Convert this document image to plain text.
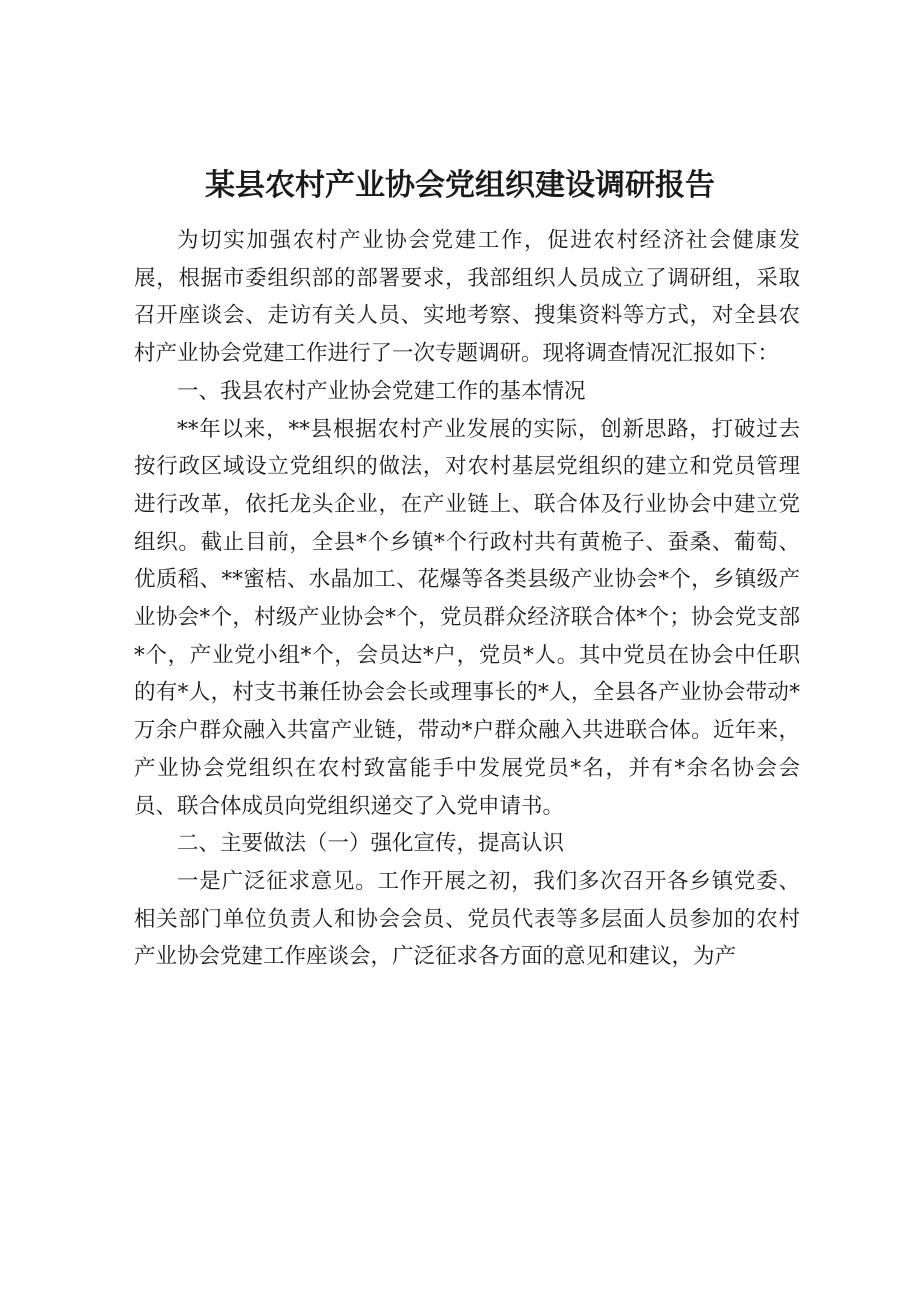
某县农村产业协会党组织建设调研报告

为切实加强农村产业协会党建工作，促进农村经济社会健康发展，根据市委组织部的部署要求，我部组织人员成立了调研组，采取召开座谈会、走访有关人员、实地考察、搜集资料等方式，对全县农村产业协会党建工作进行了一次专题调研。现将调查情况汇报如下：

一、我县农村产业协会党建工作的基本情况

**年以来，**县根据农村产业发展的实际，创新思路，打破过去按行政区域设立党组织的做法，对农村基层党组织的建立和党员管理进行改革，依托龙头企业，在产业链上、联合体及行业协会中建立党组织。截止目前，全县*个乡镇*个行政村共有黄桅子、蚕桑、葡萄、优质稻、**蜜桔、水晶加工、花爆等各类县级产业协会*个，乡镇级产业协会*个，村级产业协会*个，党员群众经济联合体*个；协会党支部*个，产业党小组*个，会员达*户，党员*人。其中党员在协会中任职的有*人，村支书兼任协会会长或理事长的*人，全县各产业协会带动*万余户群众融入共富产业链，带动*户群众融入共进联合体。近年来，产业协会党组织在农村致富能手中发展党员*名，并有*余名协会会员、联合体成员向党组织递交了入党申请书。

二、主要做法（一）强化宣传，提高认识

一是广泛征求意见。工作开展之初，我们多次召开各乡镇党委、相关部门单位负责人和协会会员、党员代表等多层面人员参加的农村产业协会党建工作座谈会，广泛征求各方面的意见和建议，为产
